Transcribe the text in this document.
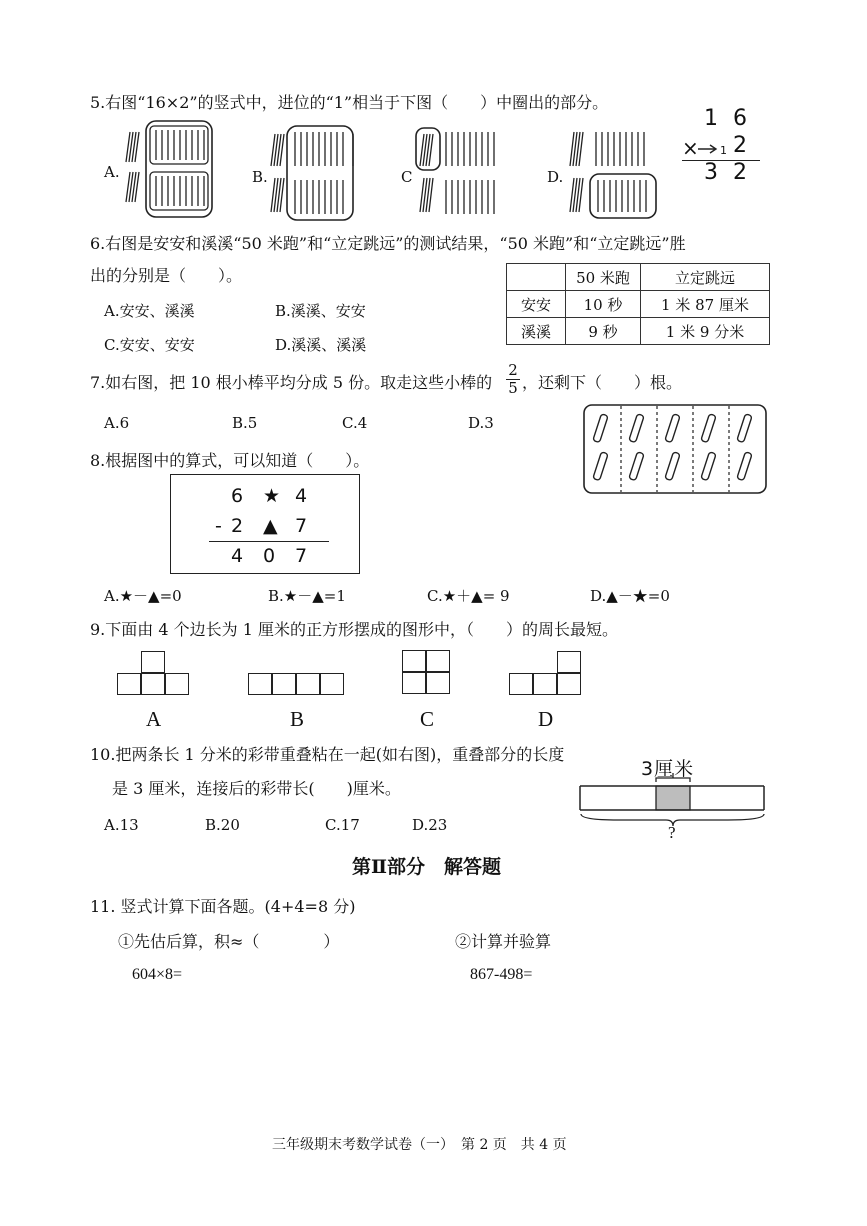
5.右图“16×2”的竖式中，进位的“1”相当于下图（　　）中圈出的部分。
A.	B.	C	D.
1 6
× 1 2
3 2
6.右图是安安和溪溪“50 米跑”和“立定跳远”的测试结果，“50 米跑”和“立定跳远”胜
出的分别是（　　）。
A.安安、溪溪	B.溪溪、安安
C.安安、安安	D.溪溪、溪溪
	50 米跑	立定跳远
安安	10 秒	1 米 87 厘米
溪溪	9 秒	1 米 9 分米
7.如右图，把 10 根小棒平均分成 5 份。取走这些小棒的 $\frac{2}{5}$ ，还剩下（　　）根。
A.6	B.5	C.4	D.3
8.根据图中的算式，可以知道（　　）。
6 ★ 4
- 2 ▲ 7
4 0 7
A.★－▲=0	B.★－▲=1	C.★＋▲= 9	D.▲－★=0
9.下面由 4 个边长为 1 厘米的正方形摆成的图形中，（　　）的周长最短。
A	B	C	D
10.把两条长 1 分米的彩带重叠粘在一起(如右图)，重叠部分的长度
是 3 厘米，连接后的彩带长(　　)厘米。
A.13	B.20	C.17	D.23
3厘米
?
第Ⅱ部分　解答题
11. 竖式计算下面各题。(4+4=8 分)
①先估后算，积≈（　　　　）	②计算并验算
604×8=	867-498=
三年级期末考数学试卷（一）　第 2 页　共 4 页
